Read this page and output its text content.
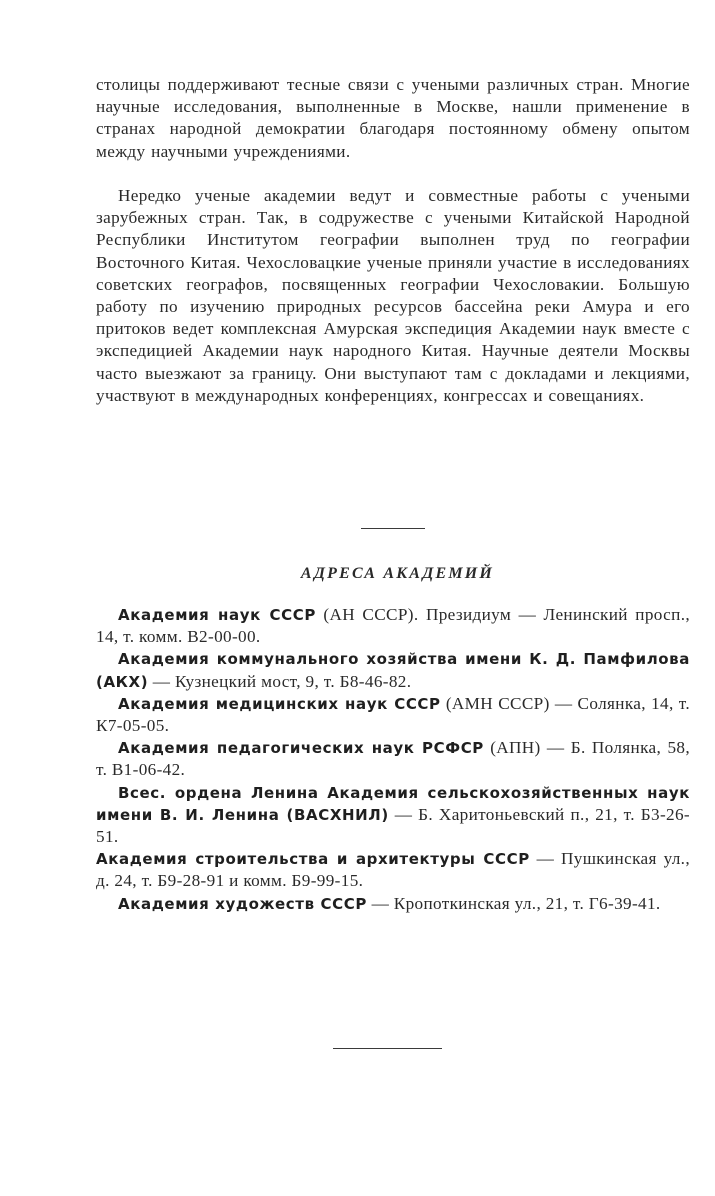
столицы поддерживают тесные связи с учеными различных стран. Многие научные исследования, выполненные в Москве, нашли применение в странах народной демократии благодаря постоянному обмену опытом между научными учреждениями.

Нередко ученые академии ведут и совместные работы с учеными зарубежных стран. Так, в содружестве с учеными Китайской Народной Республики Институтом географии выполнен труд по географии Восточного Китая. Чехословацкие ученые приняли участие в исследованиях советских географов, посвященных географии Чехословакии. Большую работу по изучению природных ресурсов бассейна реки Амура и его притоков ведет комплексная Амурская экспедиция Академии наук вместе с экспедицией Академии наук народного Китая. Научные деятели Москвы часто выезжают за границу. Они выступают там с докладами и лекциями, участвуют в международных конференциях, конгрессах и совещаниях.

АДРЕСА АКАДЕМИЙ
Академия наук СССР (АН СССР). Президиум — Ленинский просп., 14, т. комм. В2-00-00.
Академия коммунального хозяйства имени К. Д. Памфилова (АКХ) — Кузнецкий мост, 9, т. Б8-46-82.
Академия медицинских наук СССР (АМН СССР) — Солянка, 14, т. К7-05-05.
Академия педагогических наук РСФСР (АПН) — Б. Полянка, 58, т. В1-06-42.
Всес. ордена Ленина Академия сельскохозяйственных наук имени В. И. Ленина (ВАСХНИЛ) — Б. Харитоньевский п., 21, т. Б3-26-51.
Академия строительства и архитектуры СССР — Пушкинская ул., д. 24, т. Б9-28-91 и комм. Б9-99-15.
Академия художеств СССР — Кропоткинская ул., 21, т. Г6-39-41.
